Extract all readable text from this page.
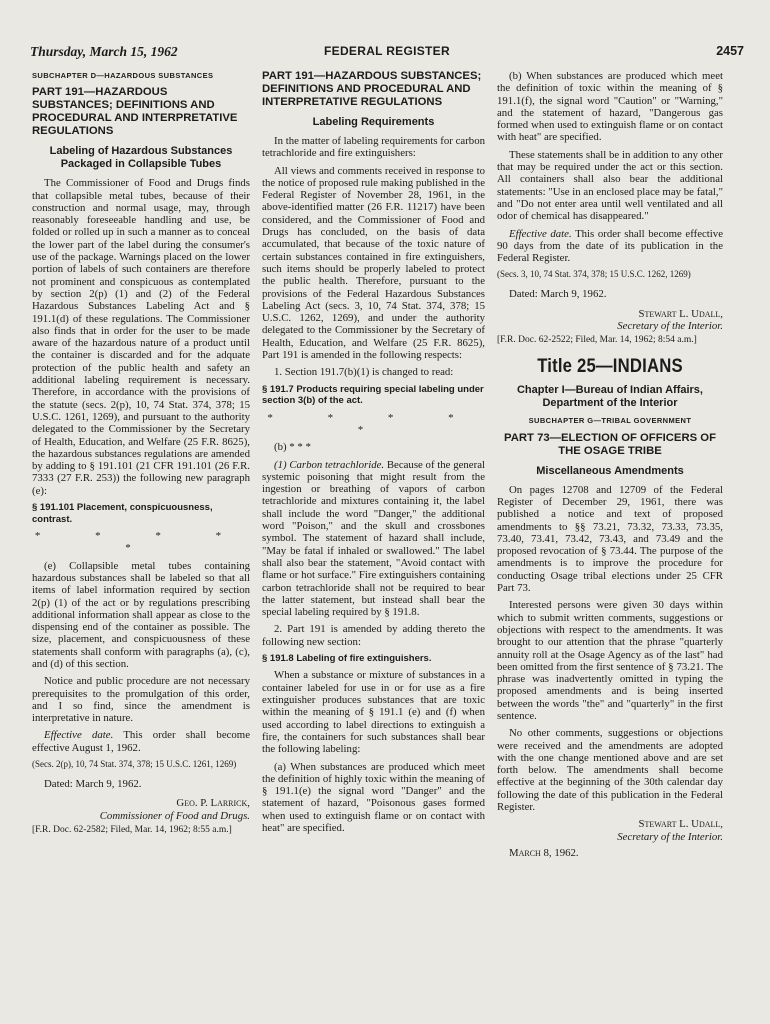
Thursday, March 15, 1962	FEDERAL REGISTER	2457

SUBCHAPTER D—HAZARDOUS SUBSTANCES

PART 191—HAZARDOUS SUBSTANCES; DEFINITIONS AND PROCEDURAL AND INTERPRETATIVE REGULATIONS

Labeling of Hazardous Substances Packaged in Collapsible Tubes

The Commissioner of Food and Drugs finds that collapsible metal tubes, because of their construction and normal usage, may, through reasonably foreseeable handling and use, be folded or rolled up in such a manner as to conceal the lower part of the label during the consumer's use of the package. Warnings placed on the lower portion of labels of such containers are therefore not prominent and conspicuous as contemplated by section 2(p) (1) and (2) of the Federal Hazardous Substances Labeling Act and § 191.1(d) of these regulations. The Commissioner also finds that in order for the user to be made aware of the hazardous nature of a product until the container is discarded and for the adquate protection of the public health and safety an additional labeling requirement is necessary. Therefore, in accordance with the provisions of the statute (secs. 2(p), 10, 74 Stat. 374, 378; 15 U.S.C. 1261, 1269), and pursuant to the authority delegated to the Commissioner by the Secretary of Health, Education, and Welfare (25 F.R. 8625), the hazardous substances regulations are amended by adding to § 191.101 (21 CFR 191.101 (26 F.R. 7333 (27 F.R. 253)) the following new paragraph (e):

§ 191.101 Placement, conspicuousness, contrast.

* * * * *

(e) Collapsible metal tubes containing hazardous substances shall be labeled so that all items of label information required by section 2(p) (1) of the act or by regulations prescribing additional information shall appear as close to the dispensing end of the container as possible. The size, placement, and conspicuousness of these statements shall conform with paragraphs (a), (c), and (d) of this section.

Notice and public procedure are not necessary prerequisites to the promulgation of this order, and I so find, since the amendment is interpretative in nature.

Effective date. This order shall become effective August 1, 1962.

(Secs. 2(p), 10, 74 Stat. 374, 378; 15 U.S.C. 1261, 1269)

Dated: March 9, 1962.

Geo. P. Larrick,

Commissioner of Food and Drugs.

[F.R. Doc. 62-2582; Filed, Mar. 14, 1962; 8:55 a.m.]

PART 191—HAZARDOUS SUBSTANCES; DEFINITIONS AND PROCEDURAL AND INTERPRETATIVE REGULATIONS

Labeling Requirements

In the matter of labeling requirements for carbon tetrachloride and fire extinguishers:

All views and comments received in response to the notice of proposed rule making published in the Federal Register of November 28, 1961, in the above-identified matter (26 F.R. 11217) have been considered, and the Commissioner of Food and Drugs has concluded, on the basis of data accumulated, that because of the toxic nature of certain substances contained in fire extinguishers, such items should be properly labeled to protect the public health. Therefore, pursuant to the provisions of the Federal Hazardous Substances Labeling Act (secs. 3, 10, 74 Stat. 374, 378; 15 U.S.C. 1262, 1269), and under the authority delegated to the Commissioner by the Secretary of Health, Education, and Welfare (25 F.R. 8625), Part 191 is amended in the following respects:

1. Section 191.7(b)(1) is changed to read:

§ 191.7 Products requiring special labeling under section 3(b) of the act.

* * * * *

(b) * * *

(1) Carbon tetrachloride. Because of the general systemic poisoning that might result from the ingestion or breathing of vapors of carbon tetrachloride and mixtures containing it, the label shall include the word "Danger," the additional word "Poison," and the skull and crossbones symbol. The statement of hazard shall include, "May be fatal if inhaled or swallowed." The label shall also bear the statement, "Avoid contact with flame or hot surface." Fire extinguishers containing carbon tetrachloride shall not be required to bear the latter statement, but instead shall bear the special labeling required by § 191.8.

2. Part 191 is amended by adding thereto the following new section:

§ 191.8 Labeling of fire extinguishers.

When a substance or mixture of substances in a container labeled for use in or for use as a fire extinguisher produces substances that are toxic within the meaning of § 191.1 (e) and (f) when used according to label directions to extinguish a fire, the containers for such substances shall bear the following labeling:

(a) When substances are produced which meet the definition of highly toxic within the meaning of § 191.1(e) the signal word "Danger" and the statement of hazard, "Poisonous gases formed when used to extinguish flame or on contact with heat" are specified.

(b) When substances are produced which meet the definition of toxic within the meaning of § 191.1(f), the signal word "Caution" or "Warning," and the statement of hazard, "Dangerous gas formed when used to extinguish flame or on contact with heat" are specified.

These statements shall be in addition to any other that may be required under the act or this section. All containers shall also bear the additional statements: "Use in an enclosed place may be fatal," and "Do not enter area until well ventilated and all odor of chemical has disappeared."

Effective date. This order shall become effective 90 days from the date of its publication in the Federal Register.

(Secs. 3, 10, 74 Stat. 374, 378; 15 U.S.C. 1262, 1269)

Dated: March 9, 1962.

Stewart L. Udall,

Secretary of the Interior.

[F.R. Doc. 62-2522; Filed, Mar. 14, 1962; 8:54 a.m.]

Title 25—INDIANS

Chapter I—Bureau of Indian Affairs, Department of the Interior

SUBCHAPTER G—TRIBAL GOVERNMENT

PART 73—ELECTION OF OFFICERS OF THE OSAGE TRIBE

Miscellaneous Amendments

On pages 12708 and 12709 of the Federal Register of December 29, 1961, there was published a notice and text of proposed amendments to §§ 73.21, 73.32, 73.33, 73.35, 73.40, 73.41, 73.42, 73.43, and 73.49 and the proposed revocation of § 73.44. The purpose of the amendments is to improve the procedure for conducting Osage tribal elections under 25 CFR Part 73.

Interested persons were given 30 days within which to submit written comments, suggestions or objections with respect to the amendments. It was brought to our attention that the phrase "quarterly annuity roll at the Osage Agency as of the last" had been omitted from the first sentence of § 73.21. The phrase was inadvertently omitted in typing the proposed amendments and is being inserted between the words "the" and "quarterly" in the first sentence.

No other comments, suggestions or objections were received and the amendments are adopted with the one change mentioned above and are set forth below. The amendments shall become effective at the beginning of the 30th calendar day following the date of this publication in the Federal Register.

Stewart L. Udall,

Secretary of the Interior.

March 8, 1962.
